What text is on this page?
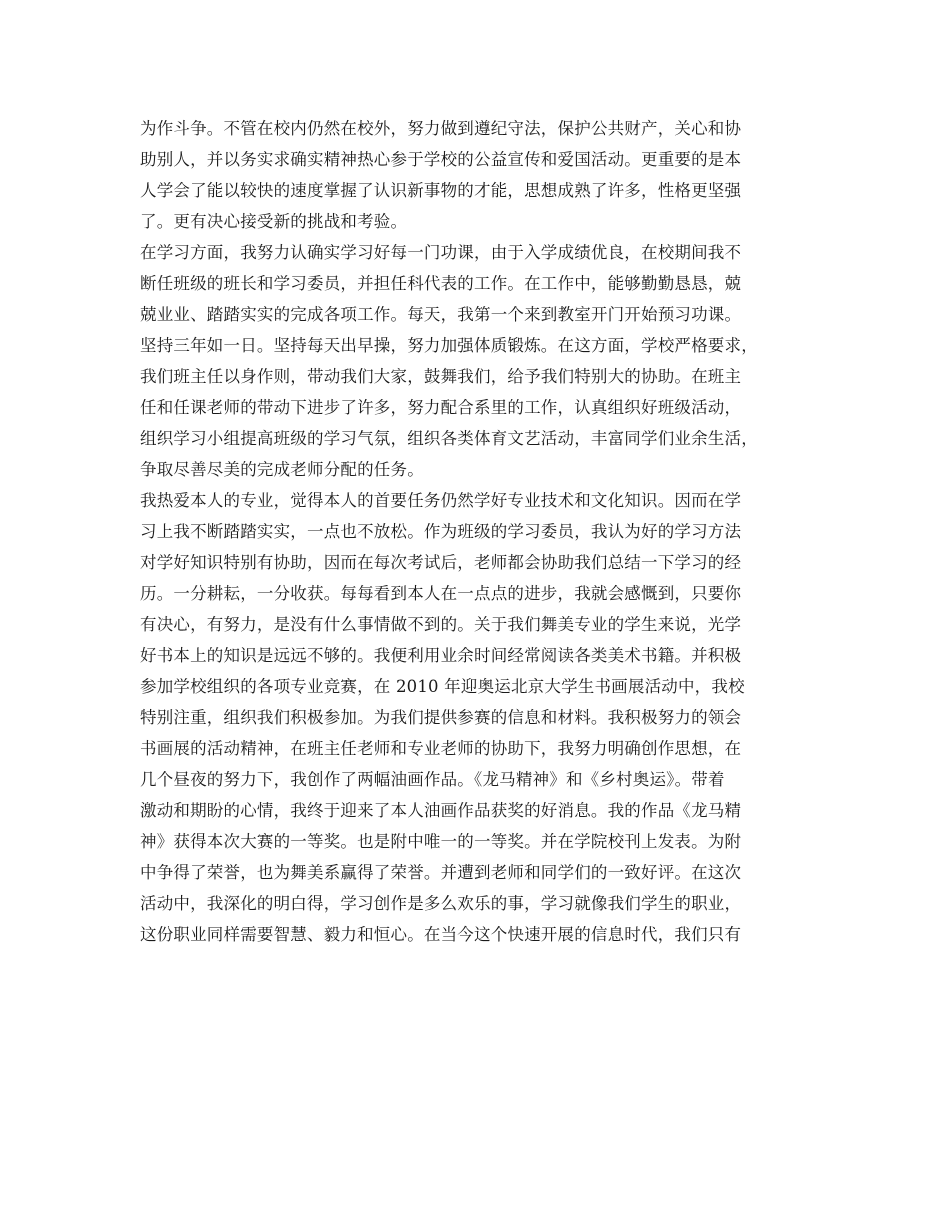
为作斗争。不管在校内仍然在校外，努力做到遵纪守法，保护公共财产，关心和协
助别人，并以务实求确实精神热心参于学校的公益宣传和爱国活动。更重要的是本
人学会了能以较快的速度掌握了认识新事物的才能，思想成熟了许多，性格更坚强
了。更有决心接受新的挑战和考验。
在学习方面，我努力认确实学习好每一门功课，由于入学成绩优良，在校期间我不
断任班级的班长和学习委员，并担任科代表的工作。在工作中，能够勤勤恳恳，兢
兢业业、踏踏实实的完成各项工作。每天，我第一个来到教室开门开始预习功课。
坚持三年如一日。坚持每天出早操，努力加强体质锻炼。在这方面，学校严格要求，
我们班主任以身作则，带动我们大家，鼓舞我们，给予我们特别大的协助。在班主
任和任课老师的带动下进步了许多，努力配合系里的工作，认真组织好班级活动，
组织学习小组提高班级的学习气氛，组织各类体育文艺活动，丰富同学们业余生活，
争取尽善尽美的完成老师分配的任务。
我热爱本人的专业，觉得本人的首要任务仍然学好专业技术和文化知识。因而在学
习上我不断踏踏实实，一点也不放松。作为班级的学习委员，我认为好的学习方法
对学好知识特别有协助，因而在每次考试后，老师都会协助我们总结一下学习的经
历。一分耕耘，一分收获。每每看到本人在一点点的进步，我就会感慨到，只要你
有决心，有努力，是没有什么事情做不到的。关于我们舞美专业的学生来说，光学
好书本上的知识是远远不够的。我便利用业余时间经常阅读各类美术书籍。并积极
参加学校组织的各项专业竞赛，在 2010 年迎奥运北京大学生书画展活动中，我校
特别注重，组织我们积极参加。为我们提供参赛的信息和材料。我积极努力的领会
书画展的活动精神，在班主任老师和专业老师的协助下，我努力明确创作思想，在
几个昼夜的努力下，我创作了两幅油画作品。《龙马精神》和《乡村奥运》。带着
激动和期盼的心情，我终于迎来了本人油画作品获奖的好消息。我的作品《龙马精
神》获得本次大赛的一等奖。也是附中唯一的一等奖。并在学院校刊上发表。为附
中争得了荣誉，也为舞美系赢得了荣誉。并遭到老师和同学们的一致好评。在这次
活动中，我深化的明白得，学习创作是多么欢乐的事，学习就像我们学生的职业，
这份职业同样需要智慧、毅力和恒心。在当今这个快速开展的信息时代，我们只有
